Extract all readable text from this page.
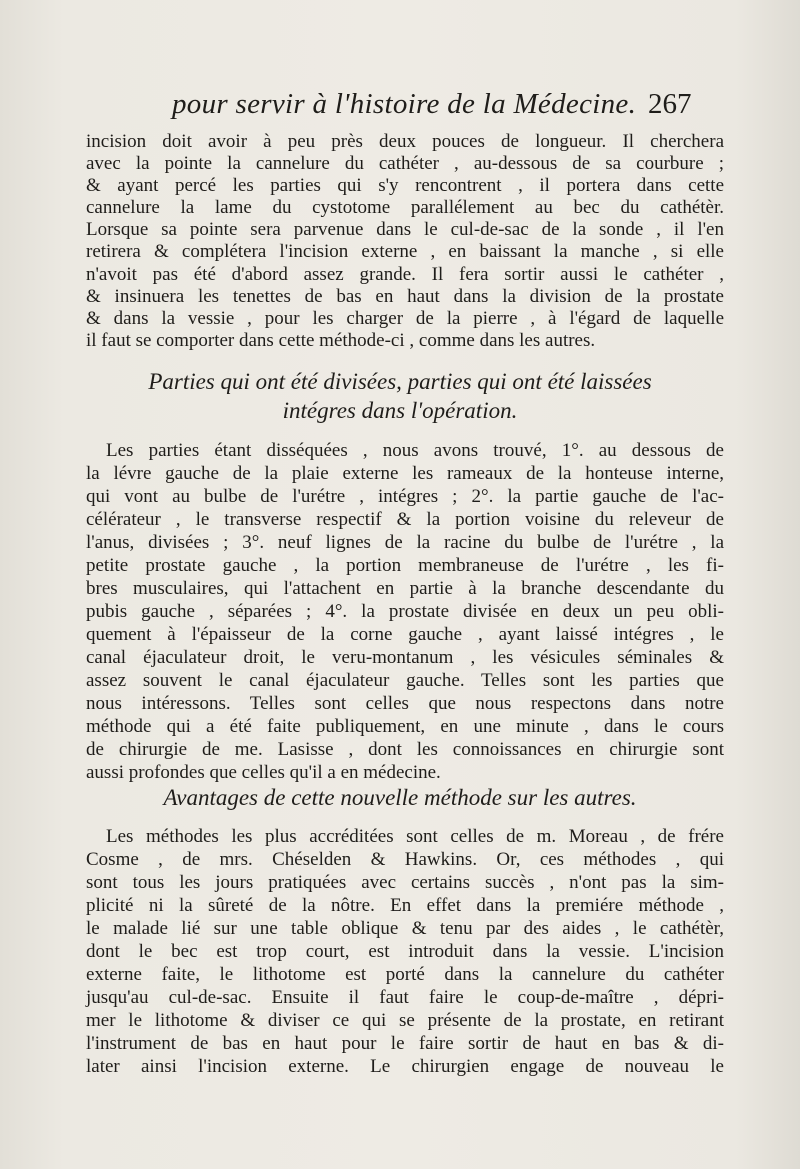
pour servir à l'histoire de la Médecine. 267
incision doit avoir à peu près deux pouces de longueur. Il cherchera
avec la pointe la cannelure du cathéter , au-dessous de sa courbure ;
& ayant percé les parties qui s'y rencontrent , il portera dans cette
cannelure la lame du cystotome parallélement au bec du cathétèr.
Lorsque sa pointe sera parvenue dans le cul-de-sac de la sonde , il l'en
retirera & complétera l'incision externe , en baissant la manche , si elle
n'avoit pas été d'abord assez grande. Il fera sortir aussi le cathéter ,
& insinuera les tenettes de bas en haut dans la division de la prostate
& dans la vessie , pour les charger de la pierre , à l'égard de laquelle
il faut se comporter dans cette méthode-ci , comme dans les autres.
Parties qui ont été divisées, parties qui ont été laissées
intégres dans l'opération.
Les parties étant disséquées , nous avons trouvé, 1°. au dessous de
la lévre gauche de la plaie externe les rameaux de la honteuse interne,
qui vont au bulbe de l'urétre , intégres ; 2°. la partie gauche de l'ac-
célérateur , le transverse respectif & la portion voisine du releveur de
l'anus, divisées ; 3°. neuf lignes de la racine du bulbe de l'urétre , la
petite prostate gauche , la portion membraneuse de l'urétre , les fi-
bres musculaires, qui l'attachent en partie à la branche descendante du
pubis gauche , séparées ; 4°. la prostate divisée en deux un peu obli-
quement à l'épaisseur de la corne gauche , ayant laissé intégres , le
canal éjaculateur droit, le veru-montanum , les vésicules séminales &
assez souvent le canal éjaculateur gauche. Telles sont les parties que
nous intéressons. Telles sont celles que nous respectons dans notre
méthode qui a été faite publiquement, en une minute , dans le cours
de chirurgie de me. Lasisse , dont les connoissances en chirurgie sont
aussi profondes que celles qu'il a en médecine.
Avantages de cette nouvelle méthode sur les autres.
Les méthodes les plus accréditées sont celles de m. Moreau , de frére
Cosme , de mrs. Chéselden & Hawkins. Or, ces méthodes , qui
sont tous les jours pratiquées avec certains succès , n'ont pas la sim-
plicité ni la sûreté de la nôtre. En effet dans la premiére méthode ,
le malade lié sur une table oblique & tenu par des aides , le cathétèr,
dont le bec est trop court, est introduit dans la vessie. L'incision
externe faite, le lithotome est porté dans la cannelure du cathéter
jusqu'au cul-de-sac. Ensuite il faut faire le coup-de-maître , dépri-
mer le lithotome & diviser ce qui se présente de la prostate, en retirant
l'instrument de bas en haut pour le faire sortir de haut en bas & di-
later ainsi l'incision externe. Le chirurgien engage de nouveau le
